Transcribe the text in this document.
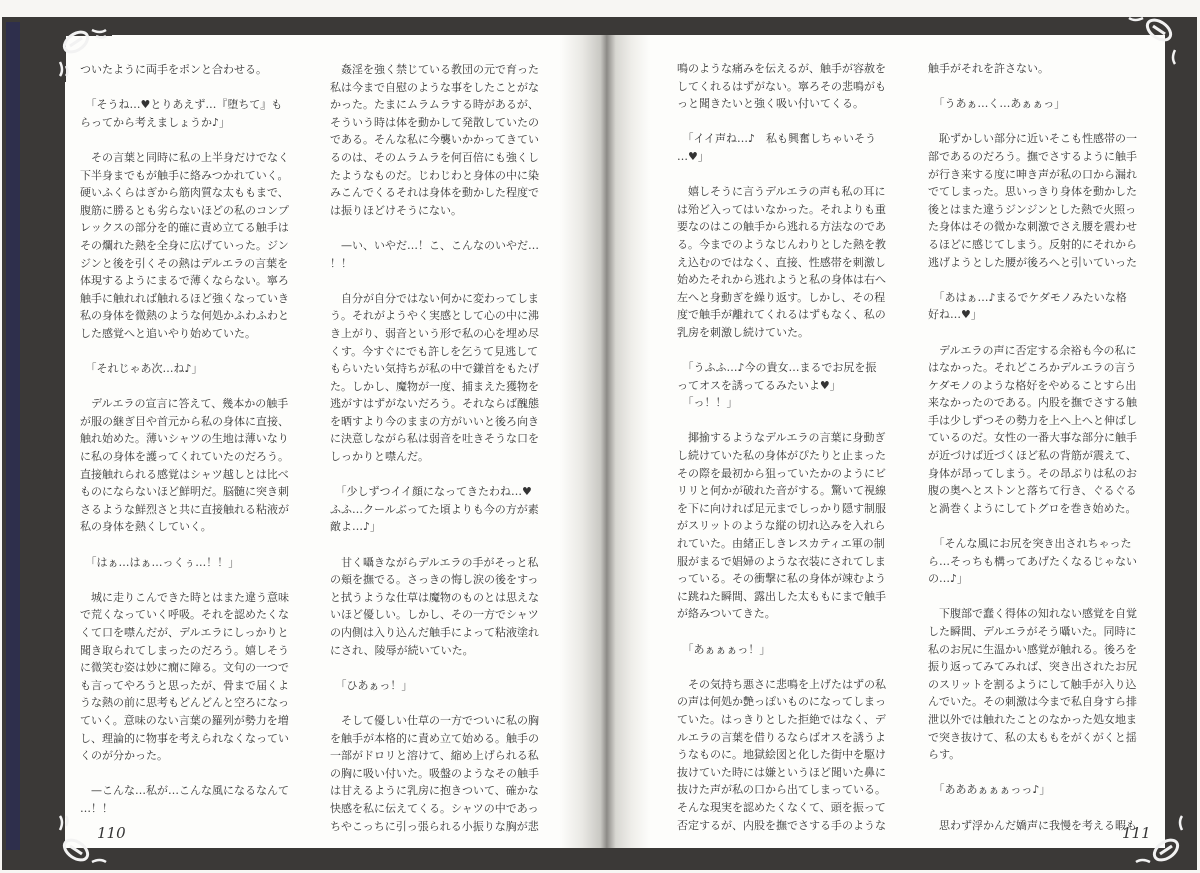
ついたように両手をポンと合わせる。
　「そうね…♥とりあえず…『堕ちて』も
らってから考えましょうか♪」
　その言葉と同時に私の上半身だけでなく
下半身までもが触手に絡みつかれていく。
硬いふくらはぎから筋肉質な太ももまで、
腹筋に勝るとも劣らないほどの私のコンプ
レックスの部分を的確に責め立てる触手は
その爛れた熱を全身に広げていった。ジン
ジンと後を引くその熱はデルエラの言葉を
体現するようにまるで薄くならない。寧ろ
触手に触れれば触れるほど強くなっていき
私の身体を微熱のような何処かふわふわと
した感覚へと追いやり始めていた。
　「それじゃあ次…ね♪」
　デルエラの宣言に答えて、幾本かの触手
が服の継ぎ目や首元から私の身体に直接、
触れ始めた。薄いシャツの生地は薄いなり
に私の身体を護ってくれていたのだろう。
直接触れられる感覚はシャツ越しとは比べ
ものにならないほど鮮明だ。脳髄に突き刺
さるような鮮烈さと共に直接触れる粘液が
私の身体を熱くしていく。
　「はぁ…はぁ…っくぅ…！！」
　城に走りこんできた時とはまた違う意味
で荒くなっていく呼吸。それを認めたくな
くて口を噤んだが、デルエラにしっかりと
聞き取られてしまったのだろう。嬉しそう
に微笑む姿は妙に癇に障る。文句の一つで
も言ってやろうと思ったが、骨まで届くよ
うな熱の前に思考もどんどんと空ろになっ
ていく。意味のない言葉の羅列が勢力を増
し、理論的に物事を考えられなくなってい
くのが分かった。
　—こんな…私が…こんな風になるなんて
…！！
　姦淫を強く禁じている教団の元で育った
私は今まで自慰のような事をしたことがな
かった。たまにムラムラする時があるが、
そういう時は体を動かして発散していたの
である。そんな私に今襲いかかってきてい
るのは、そのムラムラを何百倍にも強くし
たようなものだ。じわじわと身体の中に染
みこんでくるそれは身体を動かした程度で
は振りほどけそうにない。
　—い、いやだ…！こ、こんなのいやだ…
！！
　自分が自分ではない何かに変わってしま
う。それがようやく実感として心の中に沸
き上がり、弱音という形で私の心を埋め尽
くす。今すぐにでも許しを乞うて見逃して
もらいたい気持ちが私の中で鎌首をもたげ
た。しかし、魔物が一度、捕まえた獲物を
逃がすはずがないだろう。それならば醜態
を晒すより今のままの方がいいと後ろ向き
に決意しながら私は弱音を吐きそうな口を
しっかりと噤んだ。
　「少しずつイイ顔になってきたわね…♥
ふふ…クールぶってた頃よりも今の方が素
敵よ…♪」
　甘く囁きながらデルエラの手がそっと私
の頬を撫でる。さっきの悔し涙の後をすっ
と拭うような仕草は魔物のものとは思えな
いほど優しい。しかし、その一方でシャツ
の内側は入り込んだ触手によって粘液塗れ
にされ、陵辱が続いていた。
　「ひあぁっ！」
　そして優しい仕草の一方でついに私の胸
を触手が本格的に責め立て始める。触手の
一部がドロリと溶けて、縮め上げられる私
の胸に吸い付いた。吸盤のようなその触手
は甘えるように乳房に抱きついて、確かな
快感を私に伝えてくる。シャツの中であっ
ちやこっちに引っ張られる小振りな胸が悲
鳴のような痛みを伝えるが、触手が容赦を
してくれるはずがない。寧ろその悲鳴がも
っと聞きたいと強く吸い付いてくる。
　「イイ声ね…♪　私も興奮しちゃいそう
…♥」
　嬉しそうに言うデルエラの声も私の耳に
は殆ど入ってはいなかった。それよりも重
要なのはこの触手から逃れる方法なのであ
る。今までのようなじんわりとした熱を教
え込むのではなく、直接、性感帯を刺激し
始めたそれから逃れようと私の身体は右へ
左へと身動ぎを繰り返す。しかし、その程
度で触手が離れてくれるはずもなく、私の
乳房を刺激し続けていた。
　「うふふ…♪今の貴女…まるでお尻を振
ってオスを誘ってるみたいよ♥」
　「っ！！」
　揶揄するようなデルエラの言葉に身動ぎ
し続けていた私の身体がぴたりと止まった
その際を最初から狙っていたかのようにビ
リリと何かが破れた音がする。驚いて視線
を下に向ければ足元までしっかり隠す制服
がスリットのような縦の切れ込みを入れら
れていた。由緒正しきレスカティエ軍の制
服がまるで娼婦のような衣装にされてしま
っている。その衝撃に私の身体が竦むよう
に跳ねた瞬間、露出した太ももにまで触手
が絡みついてきた。
　「あぁぁぁっ！」
　その気持ち悪さに悲鳴を上げたはずの私
の声は何処か艶っぽいものになってしまっ
ていた。はっきりとした拒絶ではなく、デ
ルエラの言葉を借りるならばオスを誘うよ
うなものに。地獄絵図と化した街中を駆け
抜けていた時には嫌というほど聞いた鼻に
抜けた声が私の口から出てしまっている。
そんな現実を認めたくなくて、頭を振って
否定するが、内股を撫でさする手のような
触手がそれを許さない。
　「うあぁ…く…あぁぁっ」
　恥ずかしい部分に近いそこも性感帯の一
部であるのだろう。撫でさするように触手
が行き来する度に呻き声が私の口から漏れ
でてしまった。思いっきり身体を動かした
後とはまた違うジンジンとした熱で火照っ
た身体はその微かな刺激でさえ腰を震わせ
るほどに感じてしまう。反射的にそれから
逃げようとした腰が後ろへと引いていった
　「あはぁ…♪まるでケダモノみたいな格
好ね…♥」
　デルエラの声に否定する余裕も今の私に
はなかった。それどころかデルエラの言う
ケダモノのような格好をやめることすら出
来なかったのである。内股を撫でさする触
手は少しずつその勢力を上へ上へと伸ばし
ているのだ。女性の一番大事な部分に触手
が近づけば近づくほど私の背筋が震えて、
身体が昂ってしまう。その昂ぶりは私のお
腹の奥へとストンと落ちて行き、ぐるぐる
と渦巻くようにしてトグロを巻き始めた。
　「そんな風にお尻を突き出されちゃった
ら…そっちも構ってあげたくなるじゃない
の…♪」
　下腹部で蠢く得体の知れない感覚を自覚
した瞬間、デルエラがそう囁いた。同時に
私のお尻に生温かい感覚が触れる。後ろを
振り返ってみてみれば、突き出されたお尻
のスリットを割るようにして触手が入り込
んでいた。その刺激は今まで私自身すら排
泄以外では触れたことのなかった処女地ま
で突き抜けて、私の太ももをがくがくと揺
らす。
　「あああぁぁぁっっ♪」
　思わず浮かんだ嬌声に我慢を考える暇も
110	111
